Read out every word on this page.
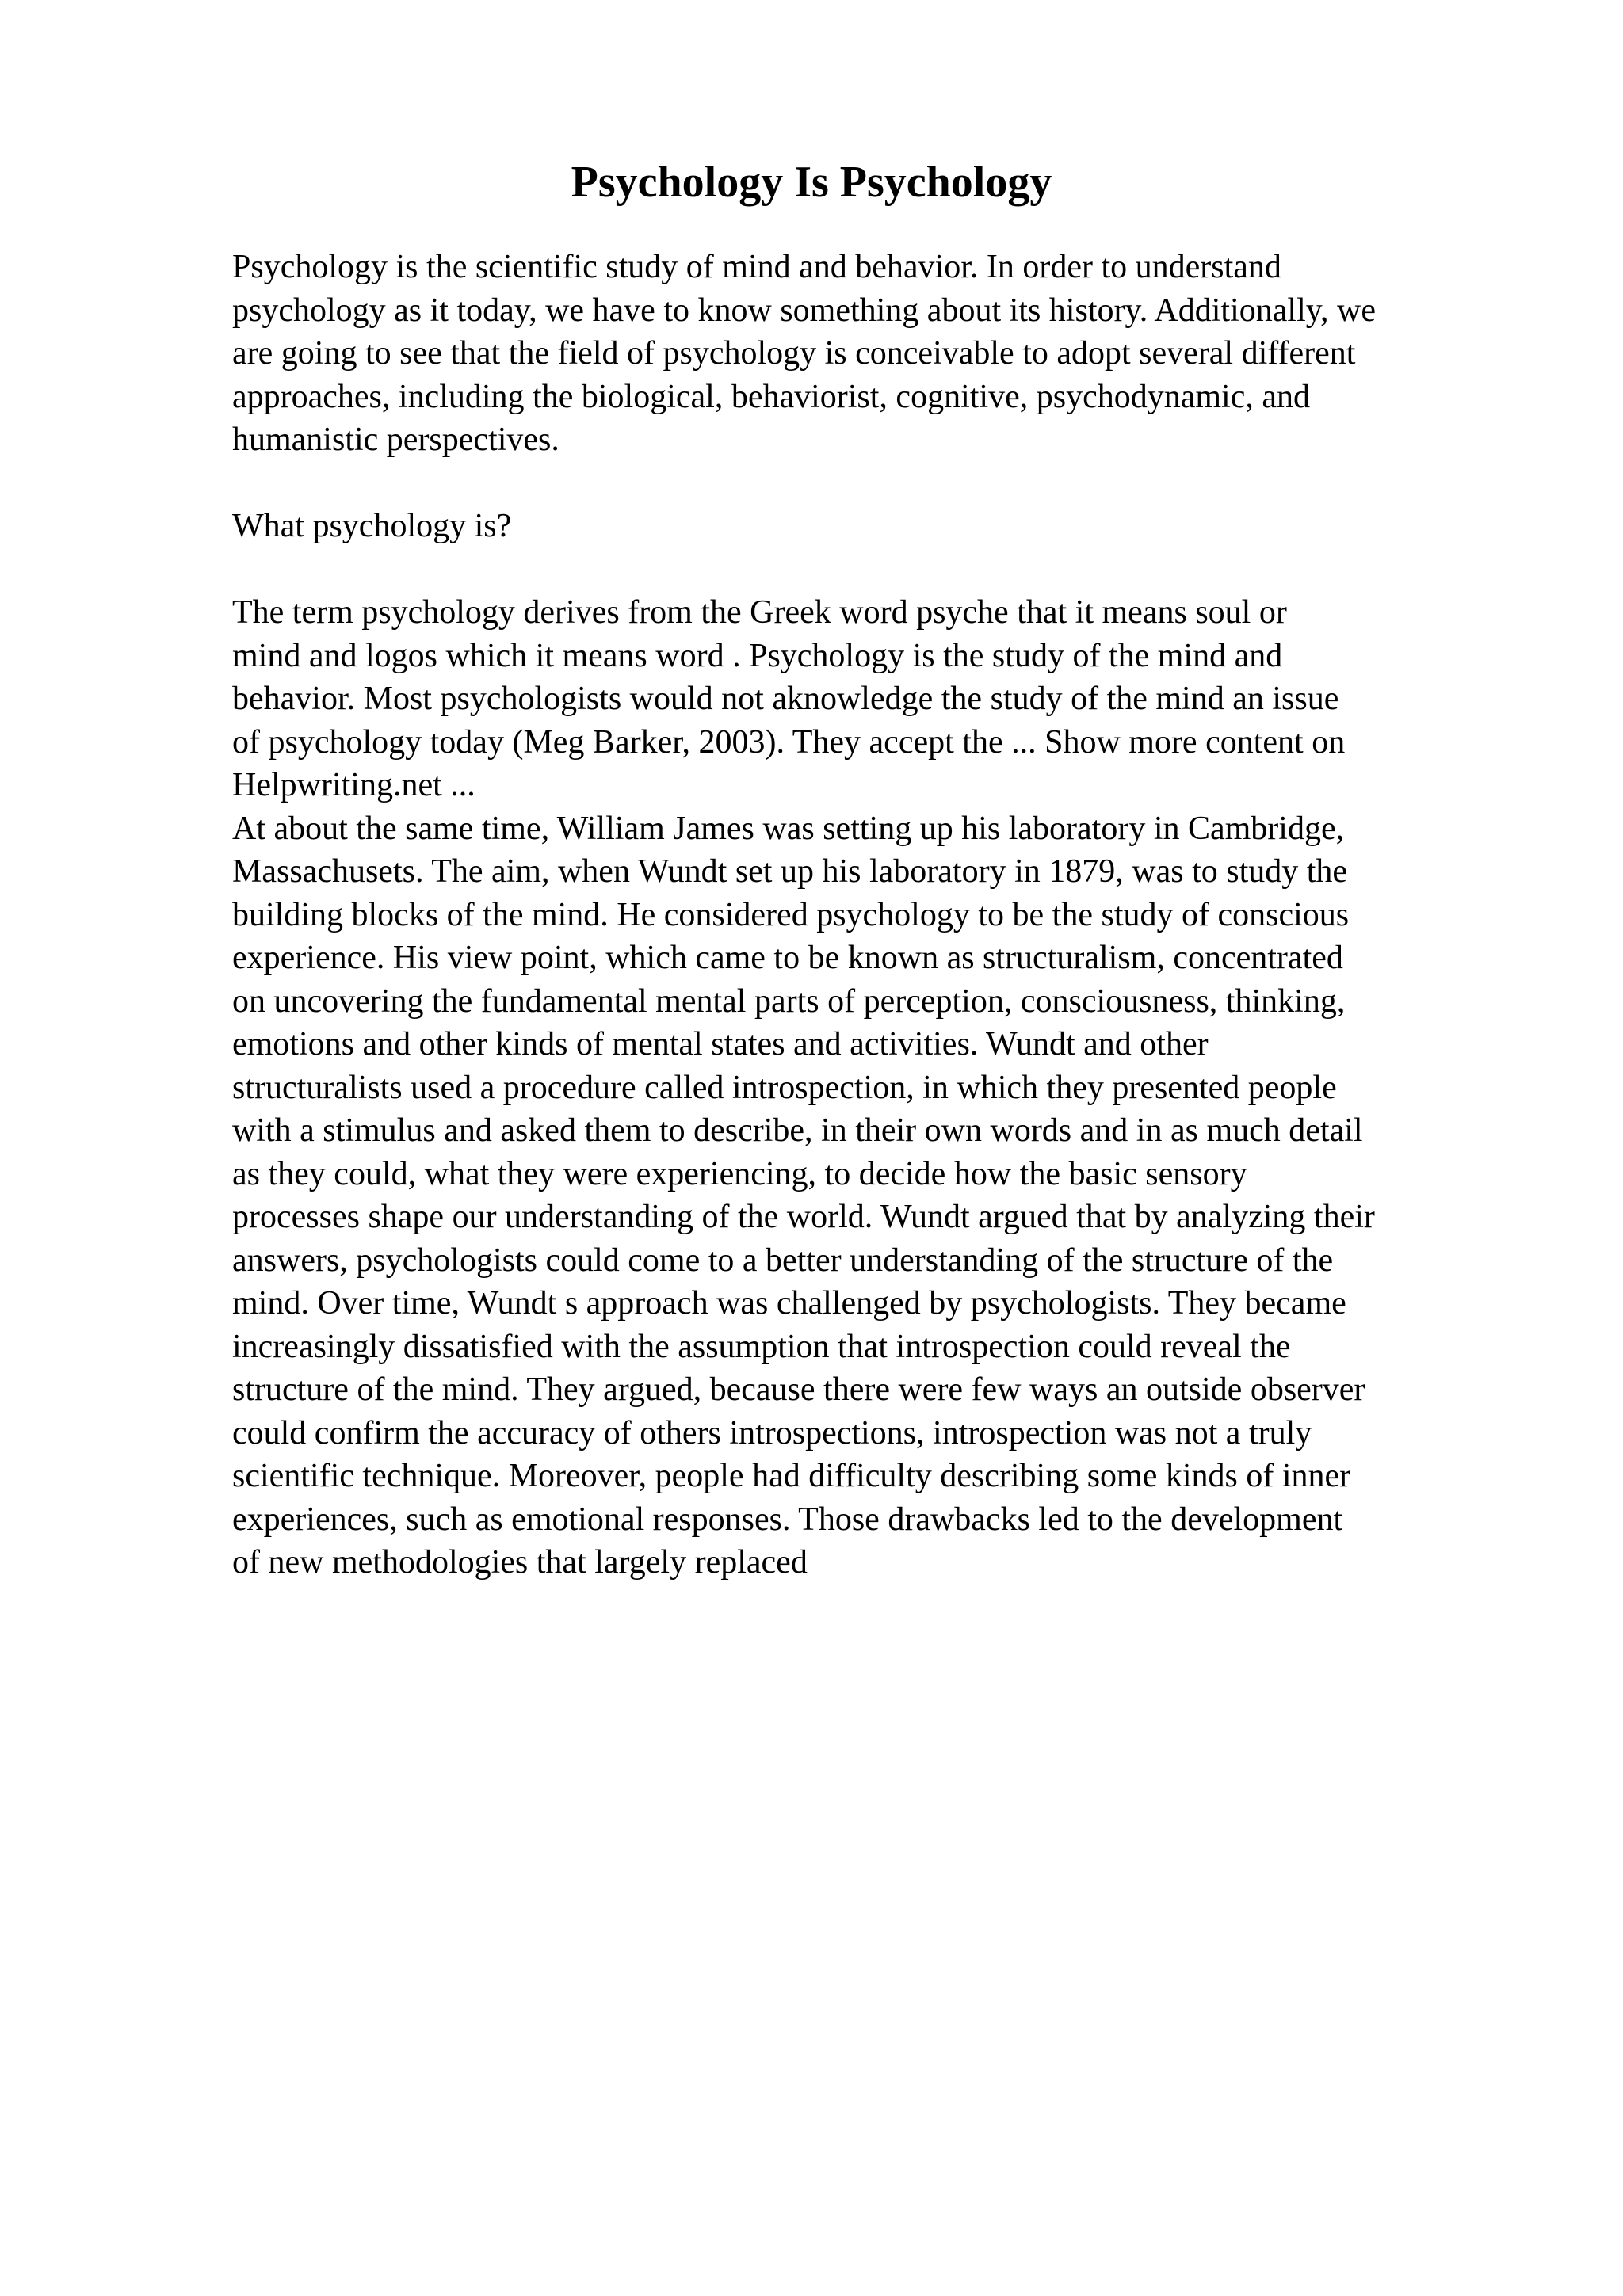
Psychology Is Psychology
Psychology is the scientific study of mind and behavior. In order to understand
psychology as it today, we have to know something about its history. Additionally, we
are going to see that the field of psychology is conceivable to adopt several different
approaches, including the biological, behaviorist, cognitive, psychodynamic, and
humanistic perspectives.
What psychology is?
The term psychology derives from the Greek word psyche that it means soul or
mind and logos which it means word . Psychology is the study of the mind and
behavior. Most psychologists would not aknowledge the study of the mind an issue
of psychology today (Meg Barker, 2003). They accept the ... Show more content on
Helpwriting.net ...
At about the same time, William James was setting up his laboratory in Cambridge,
Massachusets. The aim, when Wundt set up his laboratory in 1879, was to study the
building blocks of the mind. He considered psychology to be the study of conscious
experience. His view point, which came to be known as structuralism, concentrated
on uncovering the fundamental mental parts of perception, consciousness, thinking,
emotions and other kinds of mental states and activities. Wundt and other
structuralists used a procedure called introspection, in which they presented people
with a stimulus and asked them to describe, in their own words and in as much detail
as they could, what they were experiencing, to decide how the basic sensory
processes shape our understanding of the world. Wundt argued that by analyzing their
answers, psychologists could come to a better understanding of the structure of the
mind. Over time, Wundt s approach was challenged by psychologists. They became
increasingly dissatisfied with the assumption that introspection could reveal the
structure of the mind. They argued, because there were few ways an outside observer
could confirm the accuracy of others introspections, introspection was not a truly
scientific technique. Moreover, people had difficulty describing some kinds of inner
experiences, such as emotional responses. Those drawbacks led to the development
of new methodologies that largely replaced
